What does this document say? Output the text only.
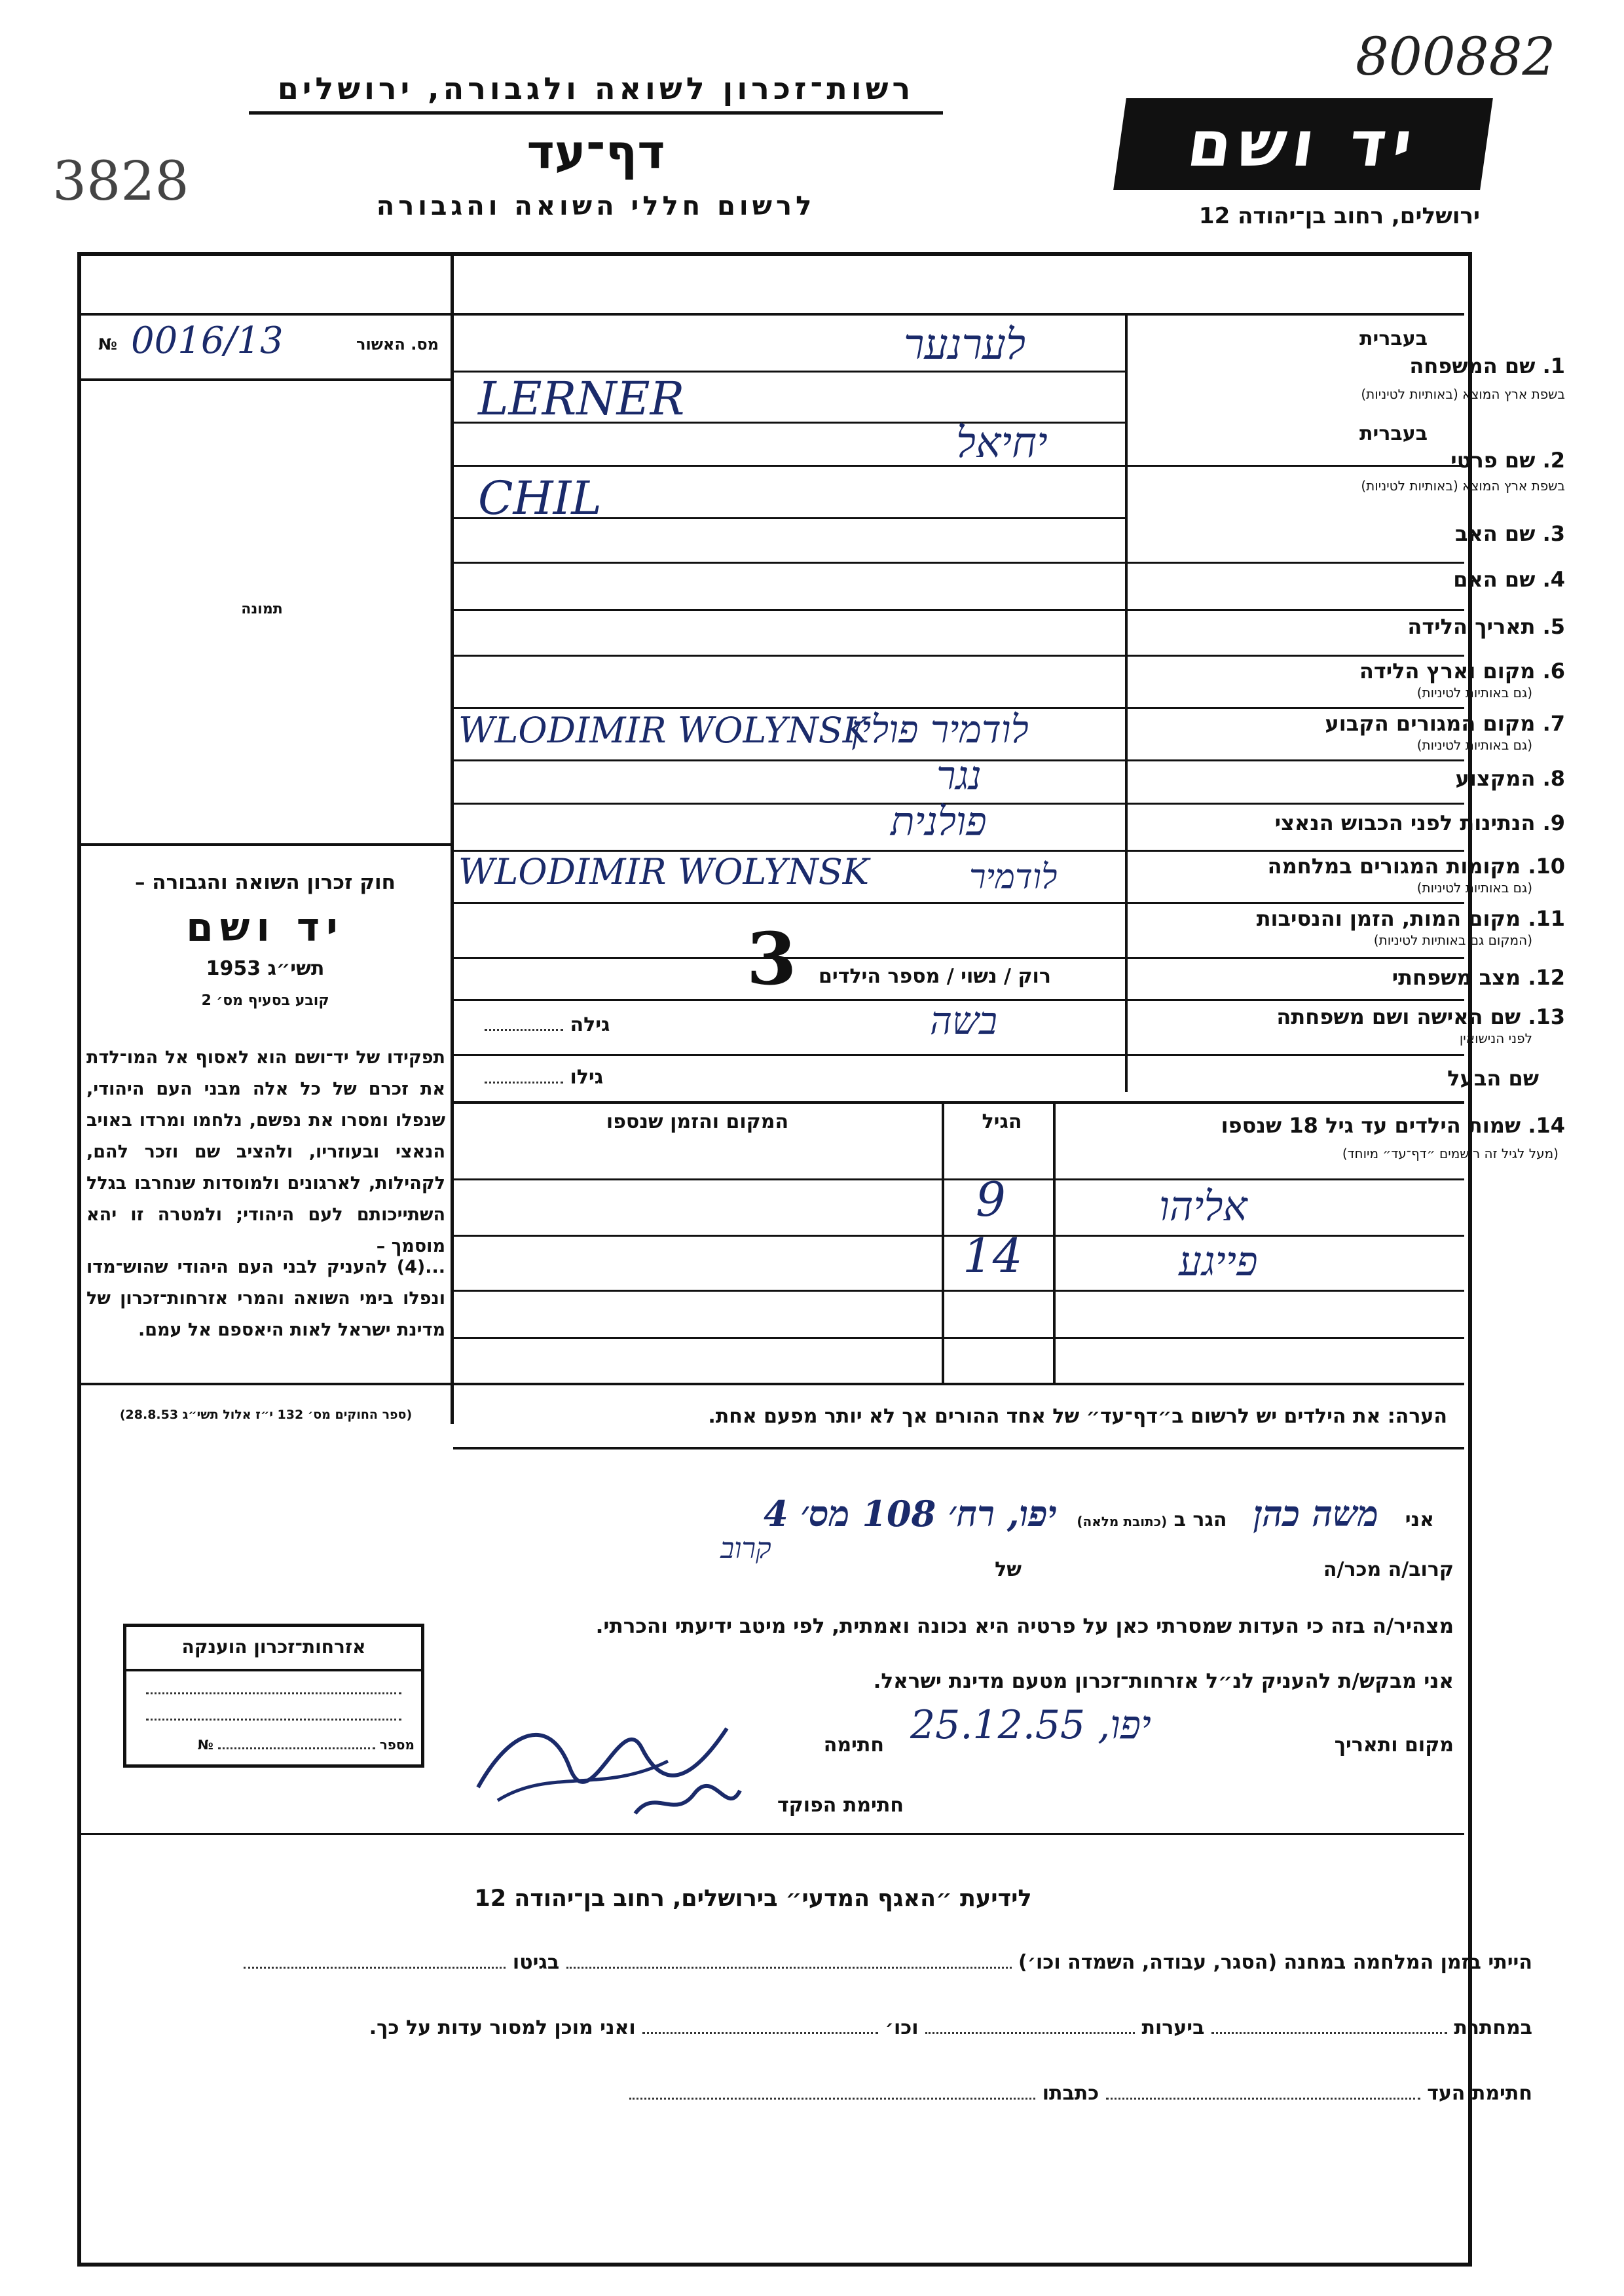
רשות־זכרון לשואה ולגבורה, ירושלים
דף־עד
לרשום חללי השואה והגבורה
3828
800882
יד ושם
ירושלים, רחוב בן־יהודה 12
№ 0016/13	מס. האשור
תמונה
חוק זכרון השואה והגבורה –
יד ושם
תשי״ג 1953
קובע בסעיף מס׳ 2
תפקידו של יד־ושם הוא לאסוף אל המו־לדת את זכרם של כל אלה מבני העם היהודי, שנפלו ומסרו את נפשם, נלחמו ומרדו באויב הנאצי ובעוזריו, ולהציב שם וזכר להם, לקהילות, לארגונים ולמוסדות שנחרבו בגלל השתייכותם לעם היהודי; ולמטרה זו יהא מוסמך –
...(4) להעניק לבני העם היהודי שהוש־מדו ונפלו בימי השואה והמרי אזרחות־זכרון של מדינת ישראל לאות היאספם אל עמם.
(ספר החוקים מס׳ 132 י״ז אלול תשי״ג 28.8.53)
בעברית
1. שם המשפחה
בשפת ארץ המוצא (באותיות לטיניות)
בעברית
2. שם פרטי
בשפת ארץ המוצא (באותיות לטיניות)
3. שם האב
4. שם האם
5. תאריך הלידה
6. מקום וארץ הלידה
(גם באותיות לטיניות)
7. מקום המגורים הקבוע
(גם באותיות לטיניות)
8. המקצוע
9. הנתינות לפני הכבוש הנאצי
10. מקומות המגורים במלחמה
(גם באותיות לטיניות)
11. מקום המות, הזמן והנסיבות
(המקום גם באותיות לטיניות)
12. מצב משפחתי
13. שם האישה ושם משפחתה
לפני הנישואין
שם הבעל
לערנער
LERNER
יחיאל
CHIL
לודמיר פולין
WLODIMIR WOLYNSK
נגר
פולנית
לודמיר
WLODIMIR WOLYNSK
רוק / נשוי / מספר הילדים
3
בשה
גילה
גילו
14. שמות הילדים עד גיל 18 שנספו
(מעל לגיל זה רושמים ״דף־עד״ מיוחד)
הגיל
המקום והזמן שנספו
אליהו
9
פייגע
14
הערה: את הילדים יש לרשום ב״דף־עד״ של אחד ההורים אך לא יותר מפעם אחת.
אני משה כהן הגר ב (כתובת מלאה) יפו, רח׳ 108 מס׳ 4
קרוב/ה מכר/ה
של
קרוב
מצהיר/ה בזה כי העדות שמסרתי כאן על פרטיה היא נכונה ואמתית, לפי מיטב ידיעתי והכרתי.
אני מבקש/ת להעניק לנ״ל אזרחות־זכרון מטעם מדינת ישראל.
מקום ותאריך
יפו, 25.12.55
חתימה
חתימת הפוקד
אזרחות־זכרון הוענקה
מספר  №
לידיעת ״האגף המדעי״ בירושלים, רחוב בן־יהודה 12
הייתי בזמן המלחמה במחנה (הסגר, עבודה, השמדה וכו׳)  בגיטו
במחתרת  ביערות  וכו׳  ואני מוכן למסור עדות על כך.
חתימת העד  כתבתו
